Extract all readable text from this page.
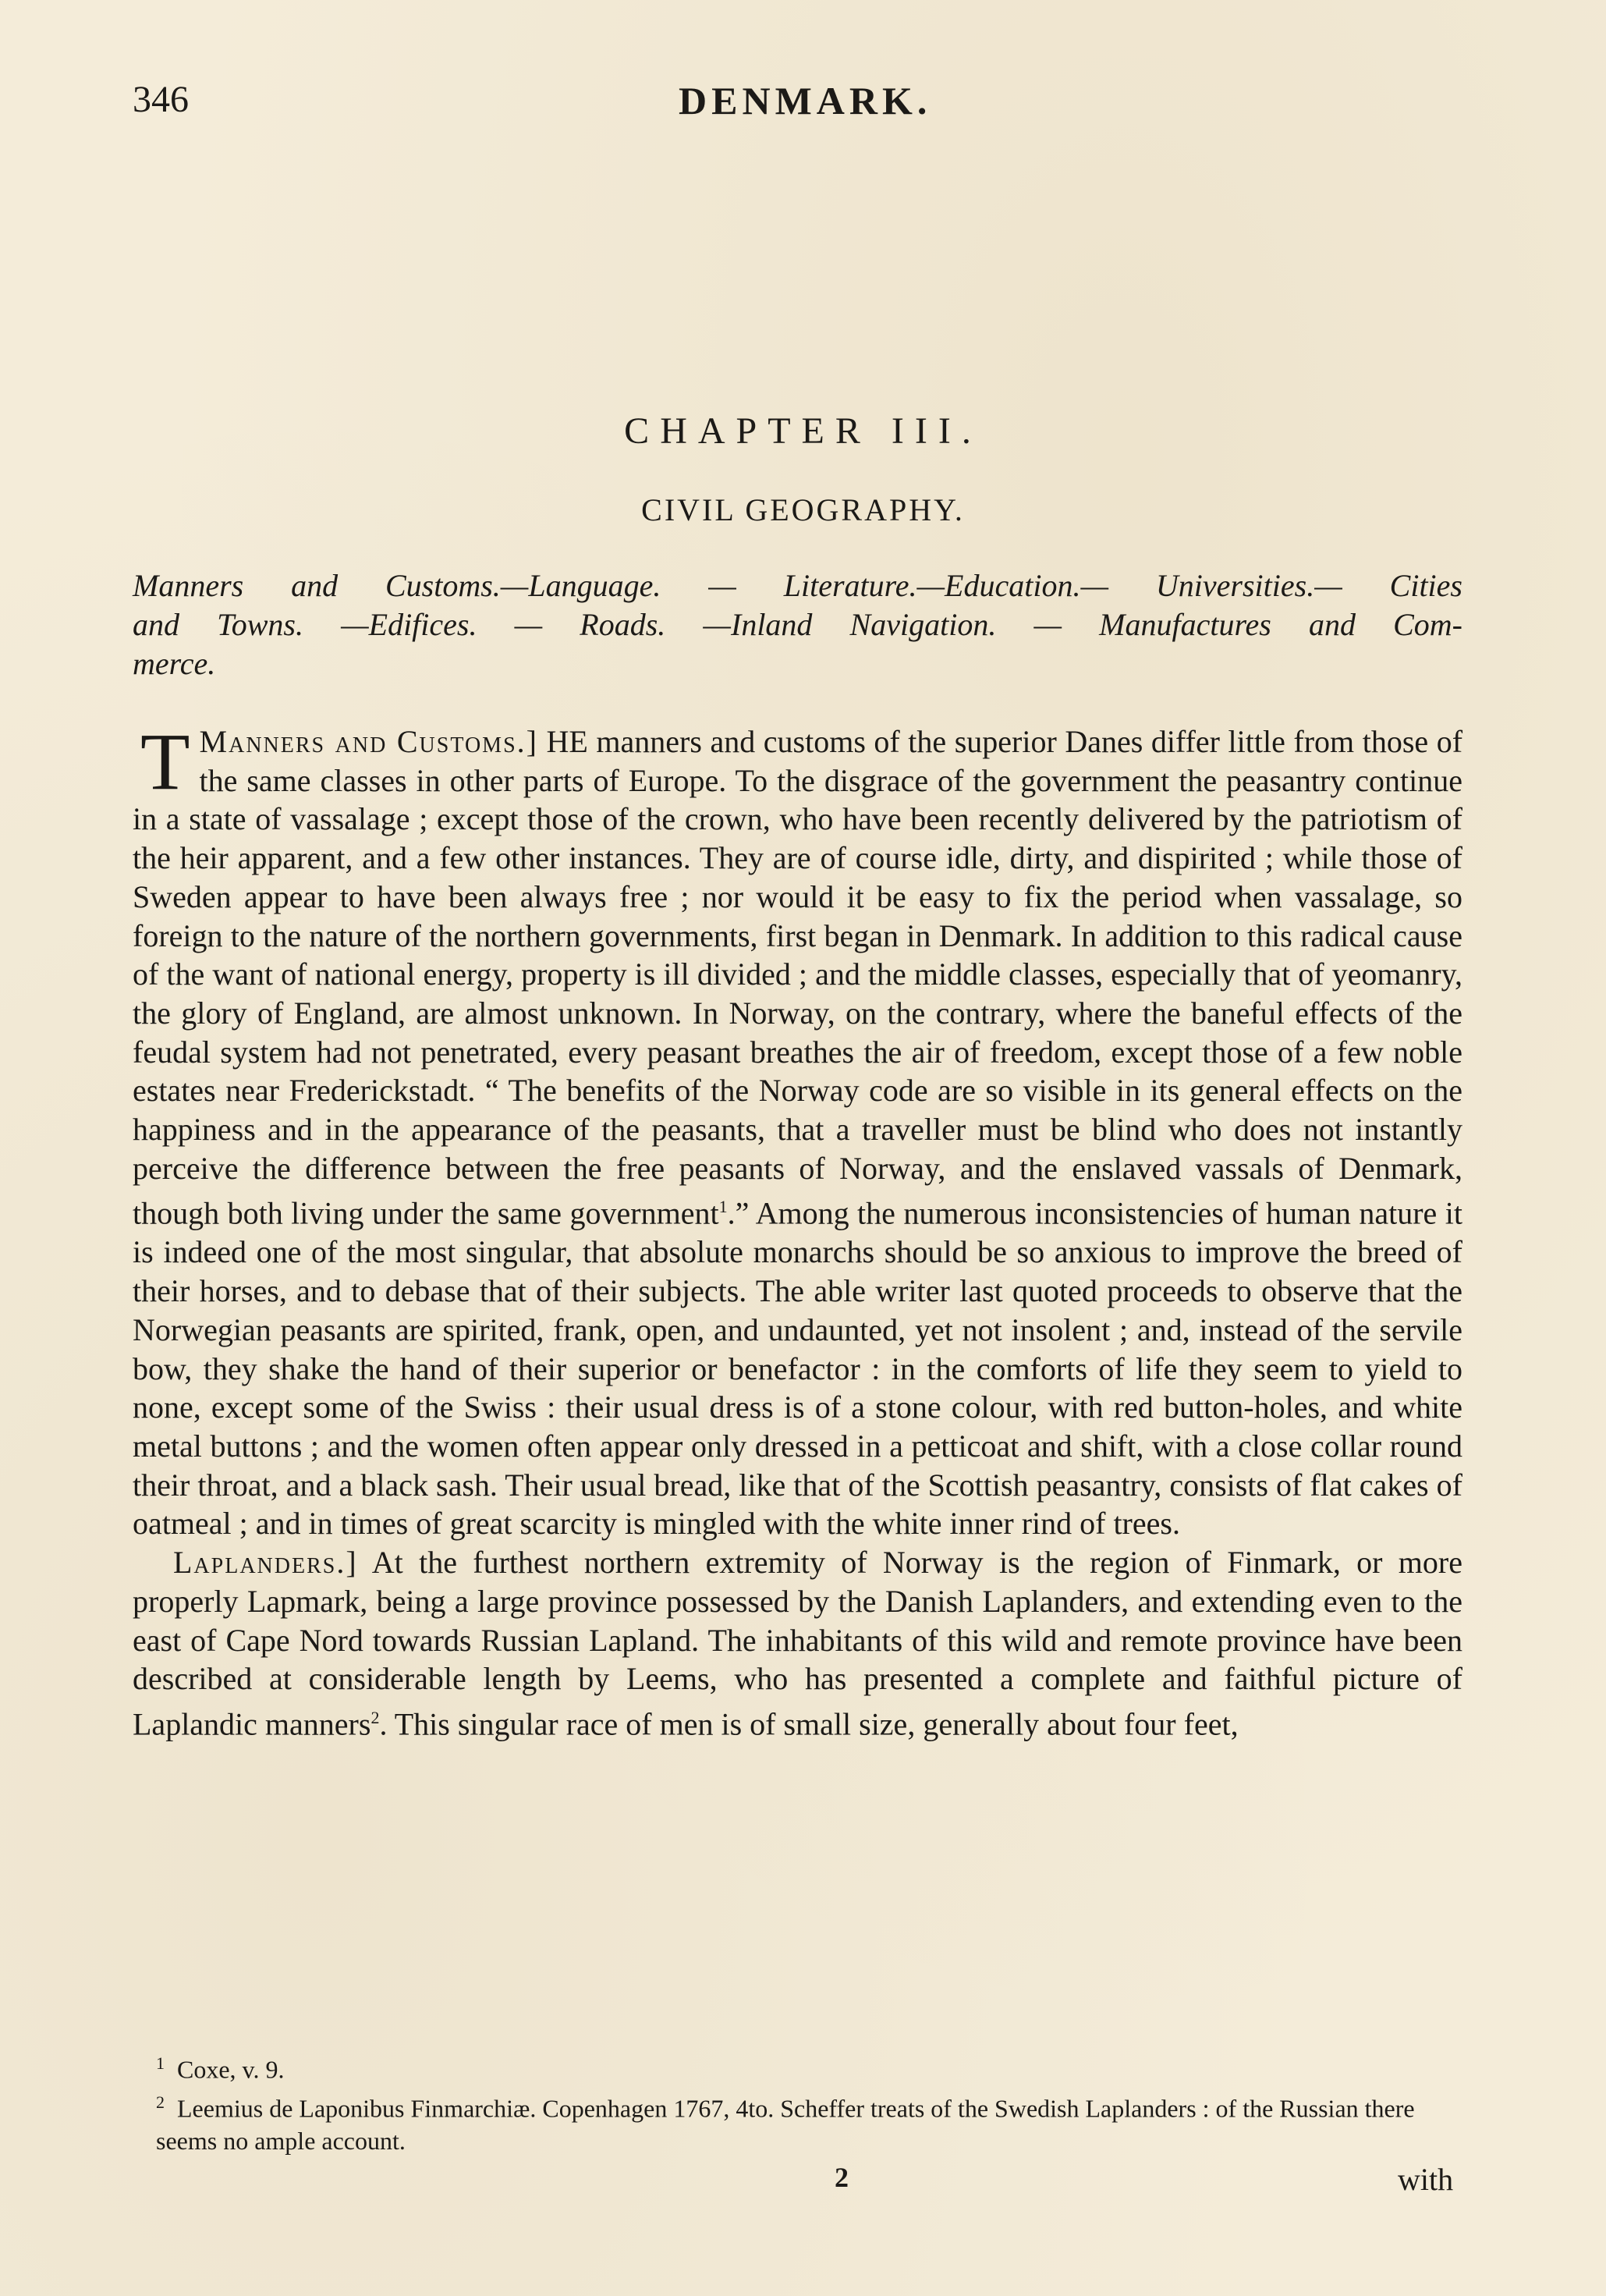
346	DENMARK.
CHAPTER III.
CIVIL GEOGRAPHY.
Manners and Customs.—Language. — Literature.—Education.— Universities.— Cities
and Towns. —Edifices. — Roads. —Inland Navigation. — Manufactures and Com-
merce.

Manners and Customs.]
T	HE manners and customs of the superior Danes differ little from those of the same classes in other parts of Europe. To the disgrace of the government the peasantry continue in a state of vassalage ; except those of the crown, who have been recently delivered by the patriotism of the heir apparent, and a few other instances. They are of course idle, dirty, and dispirited ; while those of Sweden appear to have been always free ; nor would it be easy to fix the period when vassalage, so foreign to the nature of the northern governments, first began in Denmark. In addition to this radical cause of the want of national energy, property is ill divided ; and the middle classes, especially that of yeomanry, the glory of England, are almost unknown. In Norway, on the contrary, where the baneful effects of the feudal system had not penetrated, every peasant breathes the air of freedom, except those of a few noble estates near Frederickstadt. “ The benefits of the Norway code are so visible in its general effects on the happiness and in the appearance of the peasants, that a traveller must be blind who does not instantly perceive the difference between the free peasants of Norway, and the enslaved vassals of Denmark, though both living under the same government$^1$.” Among the numerous inconsistencies of human nature it is indeed one of the most singular, that absolute monarchs should be so anxious to improve the breed of their horses, and to debase that of their subjects. The able writer last quoted proceeds to observe that the Norwegian peasants are spirited, frank, open, and undaunted, yet not insolent ; and, instead of the servile bow, they shake the hand of their superior or benefactor : in the comforts of life they seem to yield to none, except some of the Swiss : their usual dress is of a stone colour, with red button-holes, and white metal buttons ; and the women often appear only dressed in a petticoat and shift, with a close collar round their throat, and a black sash. Their usual bread, like that of the Scottish peasantry, consists of flat cakes of oatmeal ; and in times of great scarcity is mingled with the white inner rind of trees.

Laplanders.] At the furthest northern extremity of Norway is the region of Finmark, or more properly Lapmark, being a large province possessed by the Danish Laplanders, and extending even to the east of Cape Nord towards Russian Lapland. The inhabitants of this wild and remote province have been described at considerable length by Leems, who has presented a complete and faithful picture of Laplandic manners$^2$. This singular race of men is of small size, generally about four feet,

$^1$ Coxe, v. 9.

$^2$ Leemius de Laponibus Finmarchiæ. Copenhagen 1767, 4to. Scheffer treats of the Swedish Laplanders : of the Russian there seems no ample account.

2	with
